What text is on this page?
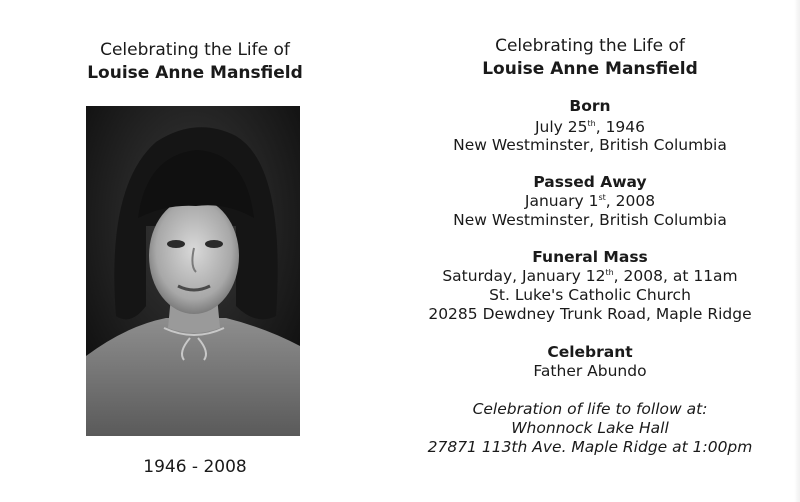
Celebrating the Life of
Louise Anne Mansfield
1946 - 2008
Celebrating the Life of
Louise Anne Mansfield
Born
July 25th, 1946
New Westminster, British Columbia
Passed Away
January 1st, 2008
New Westminster, British Columbia
Funeral Mass
Saturday, January 12th, 2008, at 11am
St. Luke's Catholic Church
20285 Dewdney Trunk Road, Maple Ridge
Celebrant
Father Abundo
Celebration of life to follow at:
Whonnock Lake Hall
27871 113th Ave. Maple Ridge at 1:00pm
